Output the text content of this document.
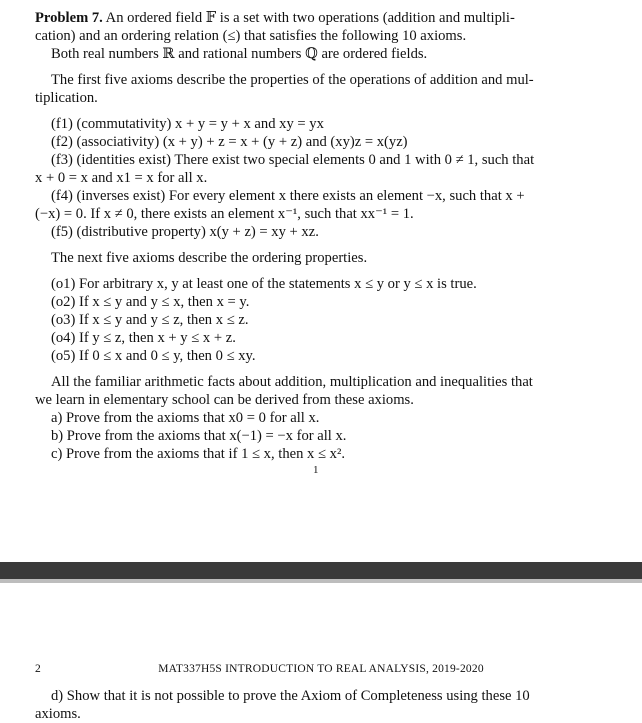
Problem 7. An ordered field 𝔽 is a set with two operations (addition and multipli-
cation) and an ordering relation (≤) that satisfies the following 10 axioms.
Both real numbers ℝ and rational numbers ℚ are ordered fields.
The first five axioms describe the properties of the operations of addition and mul-
tiplication.
(f1) (commutativity) x + y = y + x and xy = yx
(f2) (associativity) (x + y) + z = x + (y + z) and (xy)z = x(yz)
(f3) (identities exist) There exist two special elements 0 and 1 with 0 ≠ 1, such that
x + 0 = x and x1 = x for all x.
(f4) (inverses exist) For every element x there exists an element −x, such that x +
(−x) = 0. If x ≠ 0, there exists an element x⁻¹, such that xx⁻¹ = 1.
(f5) (distributive property) x(y + z) = xy + xz.
The next five axioms describe the ordering properties.
(o1) For arbitrary x, y at least one of the statements x ≤ y or y ≤ x is true.
(o2) If x ≤ y and y ≤ x, then x = y.
(o3) If x ≤ y and y ≤ z, then x ≤ z.
(o4) If y ≤ z, then x + y ≤ x + z.
(o5) If 0 ≤ x and 0 ≤ y, then 0 ≤ xy.
All the familiar arithmetic facts about addition, multiplication and inequalities that
we learn in elementary school can be derived from these axioms.
a) Prove from the axioms that x0 = 0 for all x.
b) Prove from the axioms that x(−1) = −x for all x.
c) Prove from the axioms that if 1 ≤ x, then x ≤ x².
1
2	MAT337H5S INTRODUCTION TO REAL ANALYSIS, 2019-2020
d) Show that it is not possible to prove the Axiom of Completeness using these 10
axioms.
